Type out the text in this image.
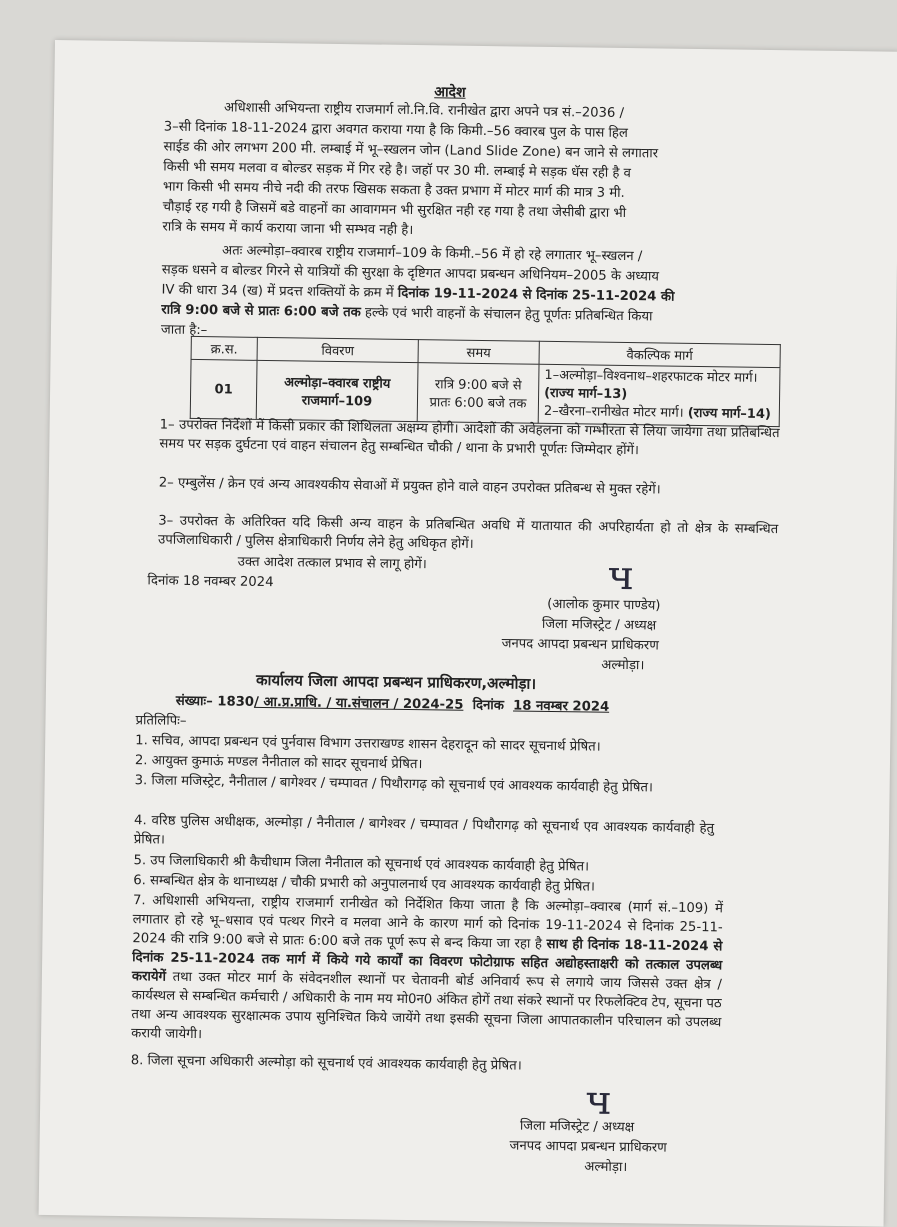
आदेश
अधिशासी अभियन्ता राष्ट्रीय राजमार्ग लो.नि.वि. रानीखेत द्वारा अपने पत्र सं.–2036 /
3–सी दिनांक 18-11-2024 द्वारा अवगत कराया गया है कि किमी.–56 क्वारब पुल के पास हिल
साईड की ओर लगभग 200 मी. लम्बाई में भू–स्खलन जोन (Land Slide Zone) बन जाने से लगातार
किसी भी समय मलवा व बोल्डर सड़क में गिर रहे है। जहॉ पर 30 मी. लम्बाई मे सड़क धॅस रही है व
भाग किसी भी समय नीचे नदी की तरफ खिसक सकता है उक्त प्रभाग में मोटर मार्ग की मात्र 3 मी.
चौड़ाई रह गयी है जिसमें बडे वाहनों का आवागमन भी सुरक्षित नही रह गया है तथा जेसीबी द्वारा भी
रात्रि के समय में कार्य कराया जाना भी सम्भव नही है।
अतः अल्मोड़ा–क्वारब राष्ट्रीय राजमार्ग–109 के किमी.–56 में हो रहे लगातार भू–स्खलन /
सड़क धसने व बोल्डर गिरने से यात्रियों की सुरक्षा के दृष्टिगत आपदा प्रबन्धन अधिनियम–2005 के अध्याय
IV की धारा 34 (ख) में प्रदत्त शक्तियों के क्रम में दिनांक 19-11-2024 से दिनांक 25-11-2024 की
रात्रि 9:00 बजे से प्रातः 6:00 बजे तक हल्के एवं भारी वाहनों के संचालन हेतु पूर्णतः प्रतिबन्धित किया
जाता है:–
क्र.स.	विवरण	समय	वैकल्पिक मार्ग
01	अल्मोड़ा–क्वारब राष्ट्रीय राजमार्ग–109	रात्रि 9:00 बजे से प्रातः 6:00 बजे तक	1–अल्मोड़ा–विश्वनाथ–शहरफाटक मोटर मार्ग। (राज्य मार्ग–13)
2–खैरना–रानीखेत मोटर मार्ग। (राज्य मार्ग–14)
1– उपरोक्त निर्देशों में किसी प्रकार की शिथिलता अक्षम्य होगी। आदेशों की अवेहलना को गम्भीरता से लिया जायेगा तथा प्रतिबन्धित समय पर सड़क दुर्घटना एवं वाहन संचालन हेतु सम्बन्धित चौकी / थाना के प्रभारी पूर्णतः जिम्मेदार होंगें।
2– एम्बुलेंस / क्रेन एवं अन्य आवश्यकीय सेवाओं में प्रयुक्त होने वाले वाहन उपरोक्त प्रतिबन्ध से मुक्त रहेगें।
3– उपरोक्त के अतिरिक्त यदि किसी अन्य वाहन के प्रतिबन्धित अवधि में यातायात की अपरिहार्यता हो तो क्षेत्र के सम्बन्धित उपजिलाधिकारी / पुलिस क्षेत्राधिकारी निर्णय लेने हेतु अधिकृत होगें।
उक्त आदेश तत्काल प्रभाव से लागू होगें।
दिनांक 18 नवम्बर 2024	ч
(आलोक कुमार पाण्डेय)
जिला मजिस्ट्रेट / अध्यक्ष
जनपद आपदा प्रबन्धन प्राधिकरण
अल्मोड़ा।
कार्यालय जिला आपदा प्रबन्धन प्राधिकरण,अल्मोड़ा।
संख्याः– 1830/ आ.प्र.प्राधि. / या.संचालन / 2024-25 दिनांक 18 नवम्बर 2024
प्रतिलिपिः–
1. सचिव, आपदा प्रबन्धन एवं पुर्नवास विभाग उत्तराखण्ड शासन देहरादून को सादर सूचनार्थ प्रेषित।
2. आयुक्त कुमाऊं मण्डल नैनीताल को सादर सूचनार्थ प्रेषित।
3. जिला मजिस्ट्रेट, नैनीताल / बागेश्वर / चम्पावत / पिथौरागढ़ को सूचनार्थ एवं आवश्यक कार्यवाही हेतु प्रेषित।
4. वरिष्ठ पुलिस अधीक्षक, अल्मोड़ा / नैनीताल / बागेश्वर / चम्पावत / पिथौरागढ़ को सूचनार्थ एव आवश्यक कार्यवाही हेतु प्रेषित।
5. उप जिलाधिकारी श्री कैचीधाम जिला नैनीताल को सूचनार्थ एवं आवश्यक कार्यवाही हेतु प्रेषित।
6. सम्बन्धित क्षेत्र के थानाध्यक्ष / चौकी प्रभारी को अनुपालनार्थ एव आवश्यक कार्यवाही हेतु प्रेषित।
7. अधिशासी अभियन्ता, राष्ट्रीय राजमार्ग रानीखेत को निर्देशित किया जाता है कि अल्मोड़ा–क्वारब (मार्ग सं.–109) में लगातार हो रहे भू–धसाव एवं पत्थर गिरने व मलवा आने के कारण मार्ग को दिनांक 19-11-2024 से दिनांक 25-11-2024 की रात्रि 9:00 बजे से प्रातः 6:00 बजे तक पूर्ण रूप से बन्द किया जा रहा है साथ ही दिनांक 18-11-2024 से दिनांक 25-11-2024 तक मार्ग में किये गये कार्यों का विवरण फोटोग्राफ सहित अद्योहस्ताक्षरी को तत्काल उपलब्ध करायेगें तथा उक्त मोटर मार्ग के संवेदनशील स्थानों पर चेतावनी बोर्ड अनिवार्य रूप से लगाये जाय जिससे उक्त क्षेत्र / कार्यस्थल से सम्बन्धित कर्मचारी / अधिकारी के नाम मय मो0न0 अंकित होगें तथा संकरे स्थानों पर रिफलेक्टिव टेप, सूचना पठ तथा अन्य आवश्यक सुरक्षात्मक उपाय सुनिश्चित किये जायेंगे तथा इसकी सूचना जिला आपातकालीन परिचालन को उपलब्ध करायी जायेगी।
8. जिला सूचना अधिकारी अल्मोड़ा को सूचनार्थ एवं आवश्यक कार्यवाही हेतु प्रेषित।
ч
जिला मजिस्ट्रेट / अध्यक्ष
जनपद आपदा प्रबन्धन प्राधिकरण
अल्मोड़ा।
